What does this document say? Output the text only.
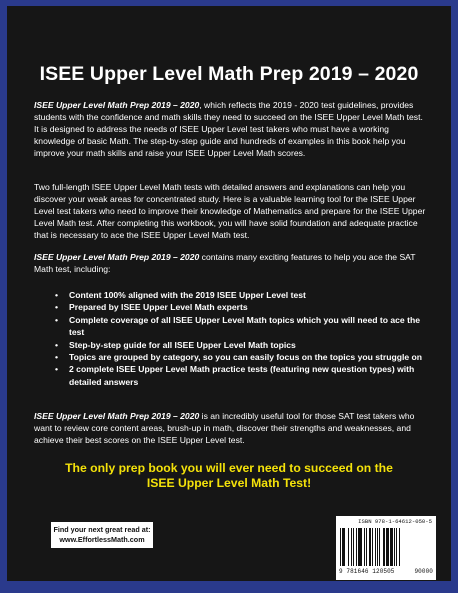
ISEE Upper Level Math Prep 2019 – 2020

ISEE Upper Level Math Prep 2019 – 2020, which reflects the 2019 - 2020 test guidelines, provides students with the confidence and math skills they need to succeed on the ISEE Upper Level Math test. It is designed to address the needs of ISEE Upper Level test takers who must have a working knowledge of basic Math. The step-by-step guide and hundreds of examples in this book help you improve your math skills and raise your ISEE Upper Level Math scores.

Two full-length ISEE Upper Level Math tests with detailed answers and explanations can help you discover your weak areas for concentrated study. Here is a valuable learning tool for the ISEE Upper Level test takers who need to improve their knowledge of Mathematics and prepare for the ISEE Upper Level Math test. After completing this workbook, you will have solid foundation and adequate practice that is necessary to ace the ISEE Upper Level Math test.

ISEE Upper Level Math Prep 2019 – 2020 contains many exciting features to help you ace the SAT Math test, including:

• Content 100% aligned with the 2019 ISEE Upper Level test
• Prepared by ISEE Upper Level Math experts
• Complete coverage of all ISEE Upper Level Math topics which you will need to ace the test
• Step-by-step guide for all ISEE Upper Level Math topics
• Topics are grouped by category, so you can easily focus on the topics you struggle on
• 2 complete ISEE Upper Level Math practice tests (featuring new question types) with detailed answers

ISEE Upper Level Math Prep 2019 – 2020 is an incredibly useful tool for those SAT test takers who want to review core content areas, brush-up in math, discover their strengths and weaknesses, and achieve their best scores on the ISEE Upper Level test.

The only prep book you will ever need to succeed on the
ISEE Upper Level Math Test!
Find your next great read at:
www.EffortlessMath.com
ISBN 978-1-64612-050-5
9 781646 120505	90000
